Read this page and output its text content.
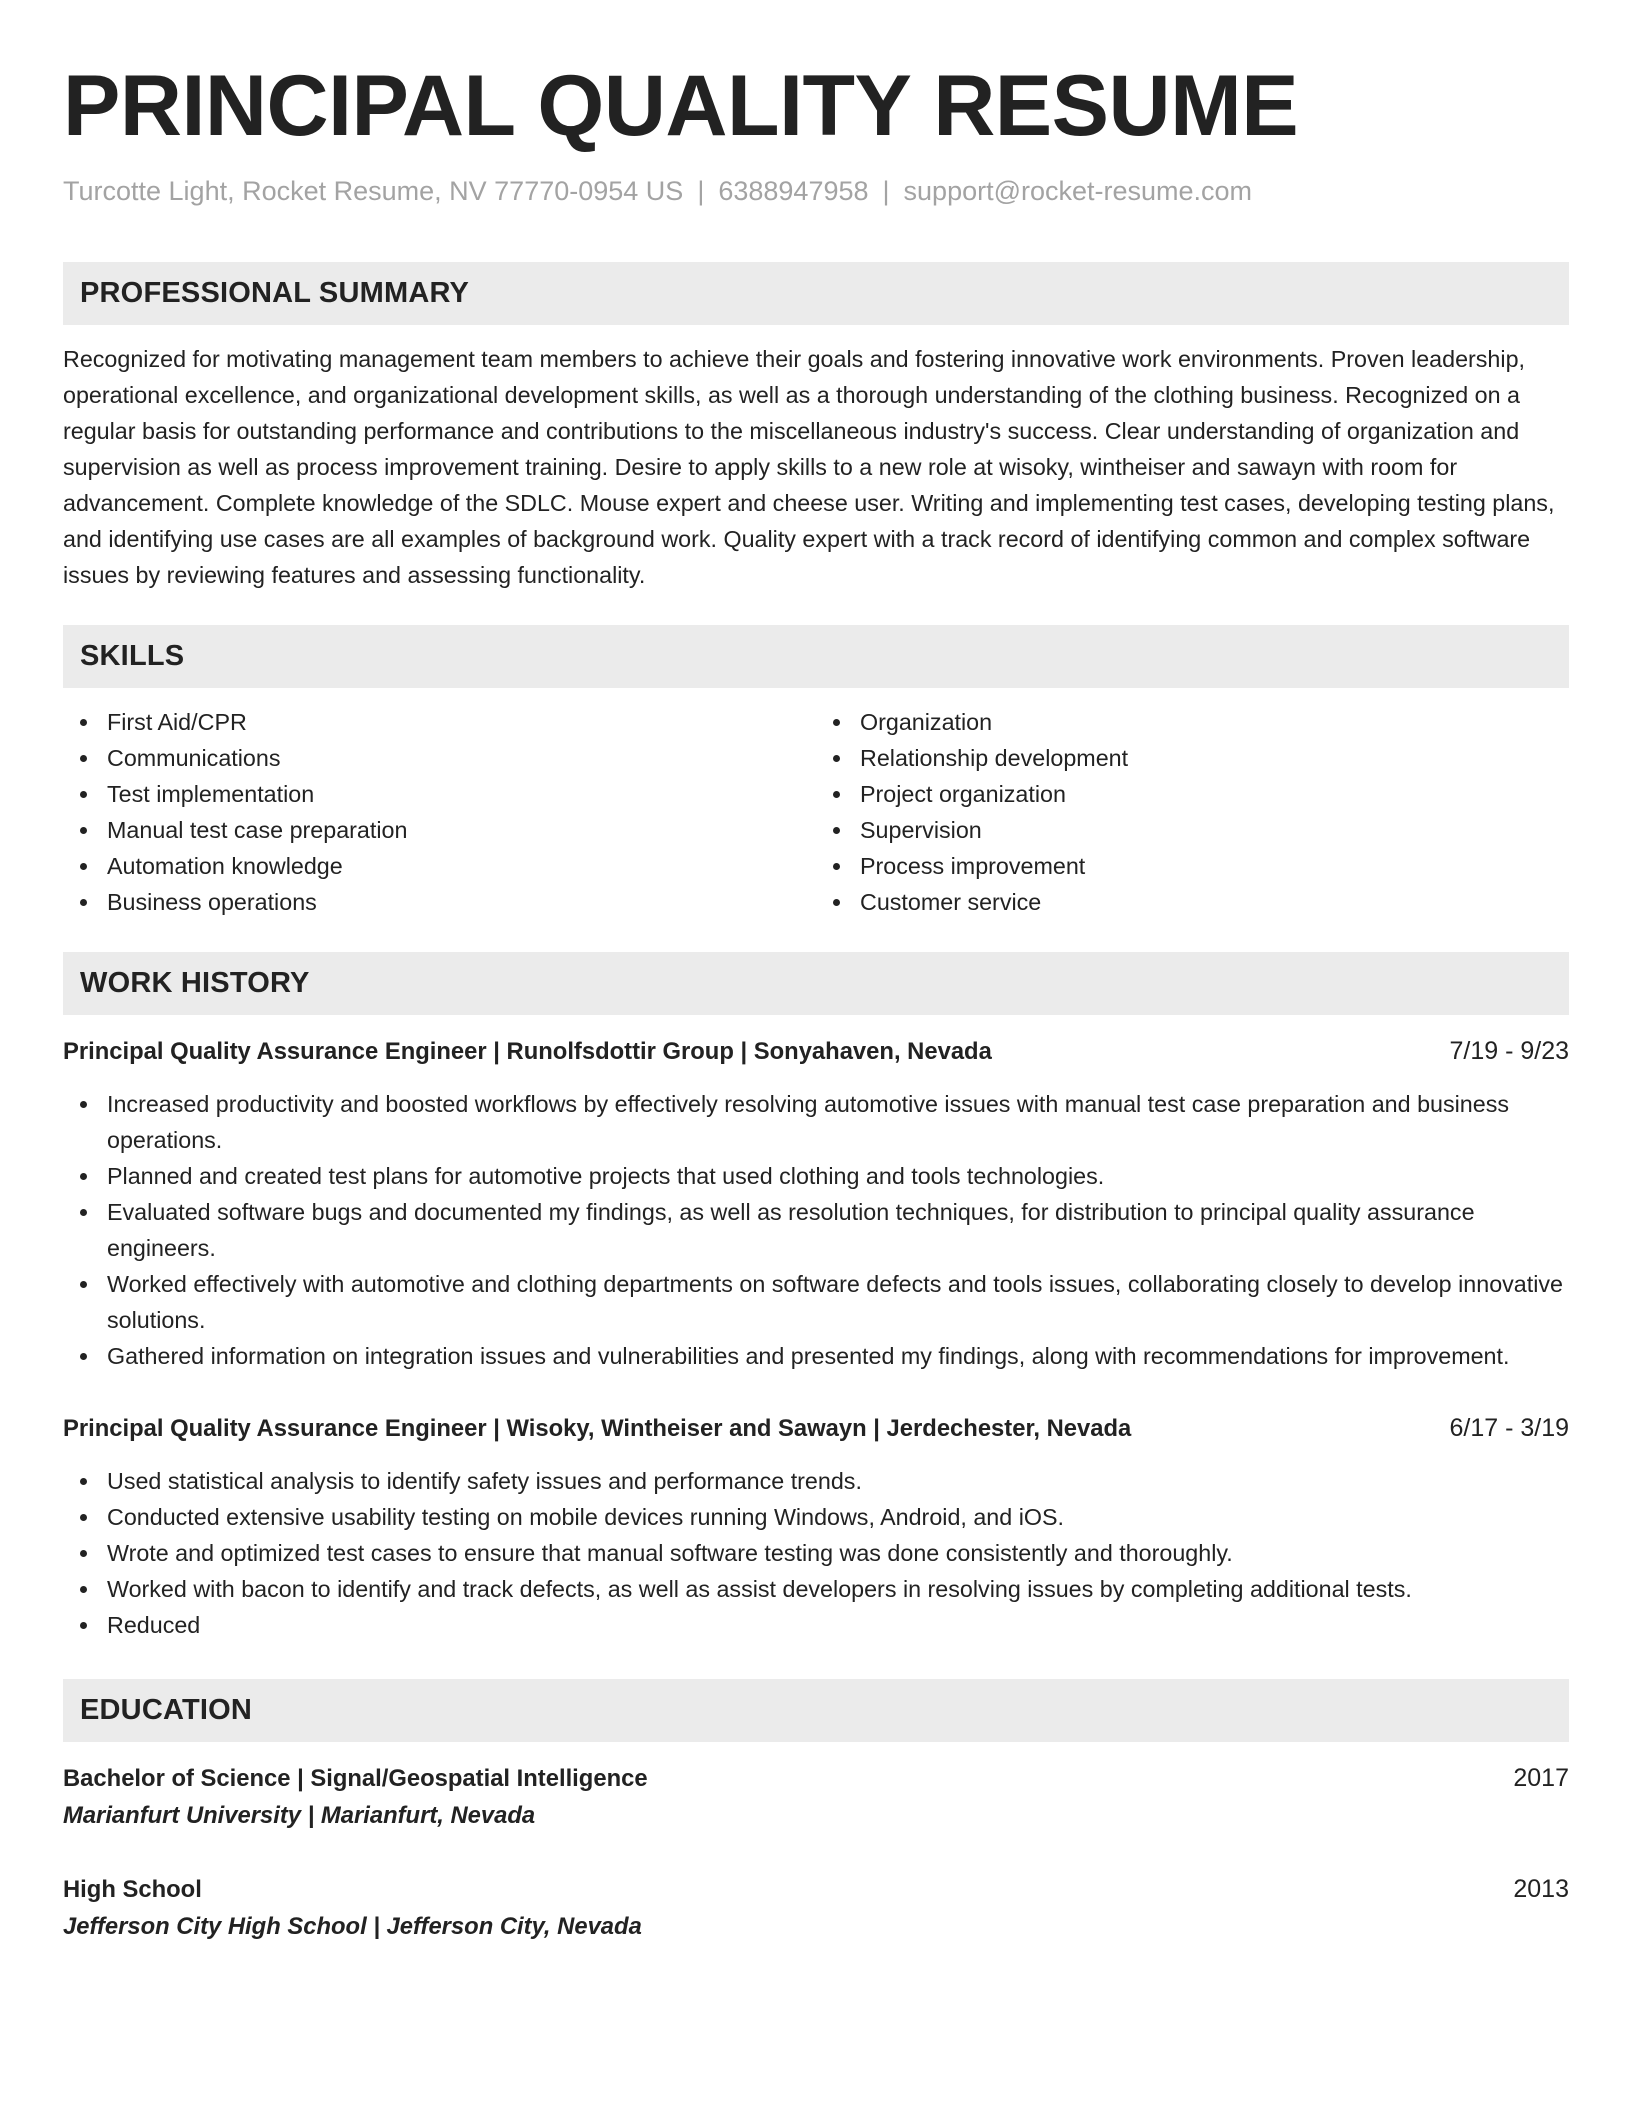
PRINCIPAL QUALITY RESUME
Turcotte Light, Rocket Resume, NV 77770-0954 US | 6388947958 | support@rocket-resume.com
PROFESSIONAL SUMMARY

Recognized for motivating management team members to achieve their goals and fostering innovative work environments. Proven leadership, operational excellence, and organizational development skills, as well as a thorough understanding of the clothing business. Recognized on a regular basis for outstanding performance and contributions to the miscellaneous industry's success. Clear understanding of organization and supervision as well as process improvement training. Desire to apply skills to a new role at wisoky, wintheiser and sawayn with room for advancement. Complete knowledge of the SDLC. Mouse expert and cheese user. Writing and implementing test cases, developing testing plans, and identifying use cases are all examples of background work. Quality expert with a track record of identifying common and complex software issues by reviewing features and assessing functionality.

SKILLS
First Aid/CPR
Communications
Test implementation
Manual test case preparation
Automation knowledge
Business operations
Organization
Relationship development
Project organization
Supervision
Process improvement
Customer service
WORK HISTORY
Principal Quality Assurance Engineer | Runolfsdottir Group | Sonyahaven, Nevada	7/19 - 9/23
Increased productivity and boosted workflows by effectively resolving automotive issues with manual test case preparation and business operations.
Planned and created test plans for automotive projects that used clothing and tools technologies.
Evaluated software bugs and documented my findings, as well as resolution techniques, for distribution to principal quality assurance engineers.
Worked effectively with automotive and clothing departments on software defects and tools issues, collaborating closely to develop innovative solutions.
Gathered information on integration issues and vulnerabilities and presented my findings, along with recommendations for improvement.
Principal Quality Assurance Engineer | Wisoky, Wintheiser and Sawayn | Jerdechester, Nevada	6/17 - 3/19
Used statistical analysis to identify safety issues and performance trends.
Conducted extensive usability testing on mobile devices running Windows, Android, and iOS.
Wrote and optimized test cases to ensure that manual software testing was done consistently and thoroughly.
Worked with bacon to identify and track defects, as well as assist developers in resolving issues by completing additional tests.
Reduced
EDUCATION
Bachelor of Science | Signal/Geospatial Intelligence	2017
Marianfurt University | Marianfurt, Nevada
High School	2013
Jefferson City High School | Jefferson City, Nevada
